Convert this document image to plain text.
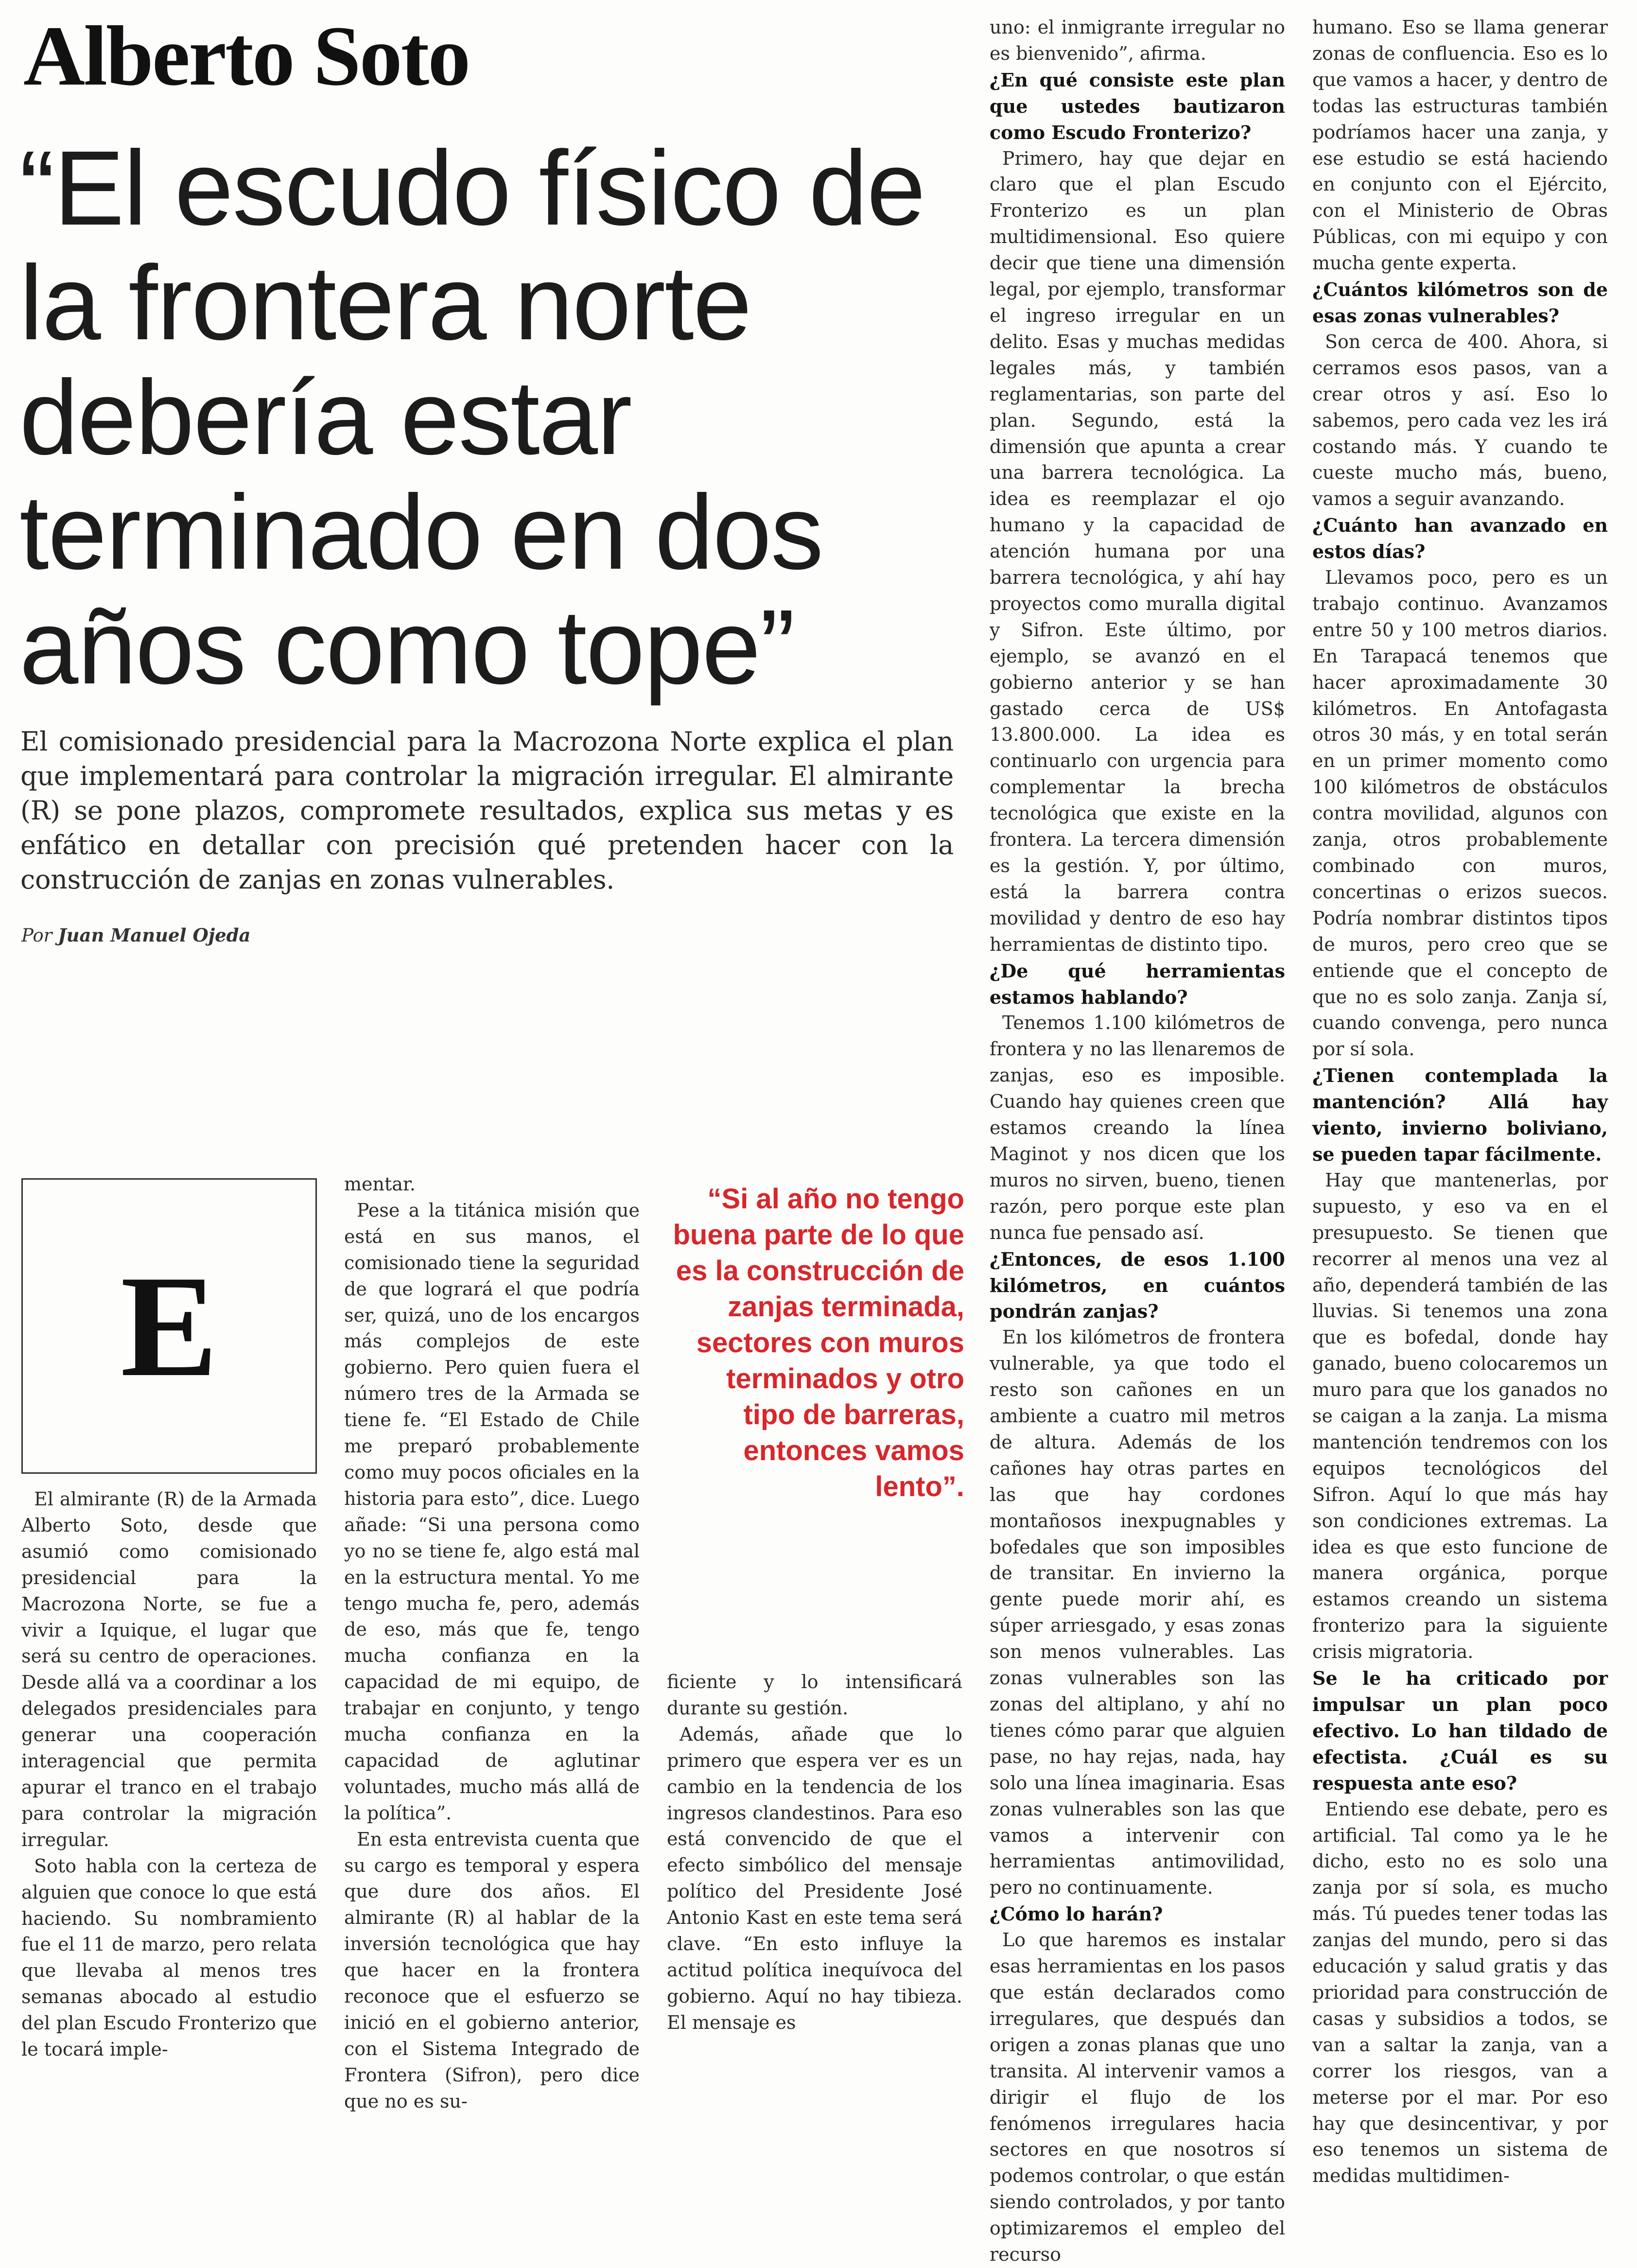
Alberto Soto
“El escudo físico de la frontera norte debería estar terminado en dos años como tope”

El comisionado presidencial para la Macrozona Norte explica el plan que implementará para controlar la migración irregular. El almirante (R) se pone plazos, compromete resultados, explica sus metas y es enfático en detallar con precisión qué pretenden hacer con la construcción de zanjas en zonas vulnerables.

Por Juan Manuel Ojeda

E

“Si al año no tengo buena parte de lo que es la construcción de zanjas terminada, sectores con muros terminados y otro tipo de barreras, entonces vamos lento”.

El almirante (R) de la Armada Alberto Soto, desde que asumió como comisionado presidencial para la Macrozona Norte, se fue a vivir a Iquique, el lugar que será su centro de operaciones. Desde allá va a coordinar a los delegados presidenciales para generar una cooperación interagencial que permita apurar el tranco en el trabajo para controlar la migración irregular.

Soto habla con la certeza de alguien que conoce lo que está haciendo. Su nombramiento fue el 11 de marzo, pero relata que llevaba al menos tres semanas abocado al estudio del plan Escudo Fronterizo que le tocará imple-

mentar.

Pese a la titánica misión que está en sus manos, el comisionado tiene la seguridad de que logrará el que podría ser, quizá, uno de los encargos más complejos de este gobierno. Pero quien fuera el número tres de la Armada se tiene fe. “El Estado de Chile me preparó probablemente como muy pocos oficiales en la historia para esto”, dice. Luego añade: “Si una persona como yo no se tiene fe, algo está mal en la estructura mental. Yo me tengo mucha fe, pero, además de eso, más que fe, tengo mucha confianza en la capacidad de mi equipo, de trabajar en conjunto, y tengo mucha confianza en la capacidad de aglutinar voluntades, mucho más allá de la política”.

En esta entrevista cuenta que su cargo es temporal y espera que dure dos años. El almirante (R) al hablar de la inversión tecnológica que hay que hacer en la frontera reconoce que el esfuerzo se inició en el gobierno anterior, con el Sistema Integrado de Frontera (Sifron), pero dice que no es su-

ficiente y lo intensificará durante su gestión.

Además, añade que lo primero que espera ver es un cambio en la tendencia de los ingresos clandestinos. Para eso está convencido de que el efecto simbólico del mensaje político del Presidente José Antonio Kast en este tema será clave. “En esto influye la actitud política inequívoca del gobierno. Aquí no hay tibieza. El mensaje es

uno: el inmigrante irregular no es bienvenido”, afirma.

¿En qué consiste este plan que ustedes bautizaron como Escudo Fronterizo?

Primero, hay que dejar en claro que el plan Escudo Fronterizo es un plan multidimensional. Eso quiere decir que tiene una dimensión legal, por ejemplo, transformar el ingreso irregular en un delito. Esas y muchas medidas legales más, y también reglamentarias, son parte del plan. Segundo, está la dimensión que apunta a crear una barrera tecnológica. La idea es reemplazar el ojo humano y la capacidad de atención humana por una barrera tecnológica, y ahí hay proyectos como muralla digital y Sifron. Este último, por ejemplo, se avanzó en el gobierno anterior y se han gastado cerca de US$ 13.800.000. La idea es continuarlo con urgencia para complementar la brecha tecnológica que existe en la frontera. La tercera dimensión es la gestión. Y, por último, está la barrera contra movilidad y dentro de eso hay herramientas de distinto tipo.

¿De qué herramientas estamos hablando?

Tenemos 1.100 kilómetros de frontera y no las llenaremos de zanjas, eso es imposible. Cuando hay quienes creen que estamos creando la línea Maginot y nos dicen que los muros no sirven, bueno, tienen razón, pero porque este plan nunca fue pensado así.

¿Entonces, de esos 1.100 kilómetros, en cuántos pondrán zanjas?

En los kilómetros de frontera vulnerable, ya que todo el resto son cañones en un ambiente a cuatro mil metros de altura. Además de los cañones hay otras partes en las que hay cordones montañosos inexpugnables y bofedales que son imposibles de transitar. En invierno la gente puede morir ahí, es súper arriesgado, y esas zonas son menos vulnerables. Las zonas vulnerables son las zonas del altiplano, y ahí no tienes cómo parar que alguien pase, no hay rejas, nada, hay solo una línea imaginaria. Esas zonas vulnerables son las que vamos a intervenir con herramientas antimovilidad, pero no continuamente.

¿Cómo lo harán?

Lo que haremos es instalar esas herramientas en los pasos que están declarados como irregulares, que después dan origen a zonas planas que uno transita. Al intervenir vamos a dirigir el flujo de los fenómenos irregulares hacia sectores en que nosotros sí podemos controlar, o que están siendo controlados, y por tanto optimizaremos el empleo del recurso

humano. Eso se llama generar zonas de confluencia. Eso es lo que vamos a hacer, y dentro de todas las estructuras también podríamos hacer una zanja, y ese estudio se está haciendo en conjunto con el Ejército, con el Ministerio de Obras Públicas, con mi equipo y con mucha gente experta.

¿Cuántos kilómetros son de esas zonas vulnerables?

Son cerca de 400. Ahora, si cerramos esos pasos, van a crear otros y así. Eso lo sabemos, pero cada vez les irá costando más. Y cuando te cueste mucho más, bueno, vamos a seguir avanzando.

¿Cuánto han avanzado en estos días?

Llevamos poco, pero es un trabajo continuo. Avanzamos entre 50 y 100 metros diarios. En Tarapacá tenemos que hacer aproximadamente 30 kilómetros. En Antofagasta otros 30 más, y en total serán en un primer momento como 100 kilómetros de obstáculos contra movilidad, algunos con zanja, otros probablemente combinado con muros, concertinas o erizos suecos. Podría nombrar distintos tipos de muros, pero creo que se entiende que el concepto de que no es solo zanja. Zanja sí, cuando convenga, pero nunca por sí sola.

¿Tienen contemplada la mantención? Allá hay viento, invierno boliviano, se pueden tapar fácilmente.

Hay que mantenerlas, por supuesto, y eso va en el presupuesto. Se tienen que recorrer al menos una vez al año, dependerá también de las lluvias. Si tenemos una zona que es bofedal, donde hay ganado, bueno colocaremos un muro para que los ganados no se caigan a la zanja. La misma mantención tendremos con los equipos tecnológicos del Sifron. Aquí lo que más hay son condiciones extremas. La idea es que esto funcione de manera orgánica, porque estamos creando un sistema fronterizo para la siguiente crisis migratoria.

Se le ha criticado por impulsar un plan poco efectivo. Lo han tildado de efectista. ¿Cuál es su respuesta ante eso?

Entiendo ese debate, pero es artificial. Tal como ya le he dicho, esto no es solo una zanja por sí sola, es mucho más. Tú puedes tener todas las zanjas del mundo, pero si das educación y salud gratis y das prioridad para construcción de casas y subsidios a todos, se van a saltar la zanja, van a correr los riesgos, van a meterse por el mar. Por eso hay que desincentivar, y por eso tenemos un sistema de medidas multidimen-
